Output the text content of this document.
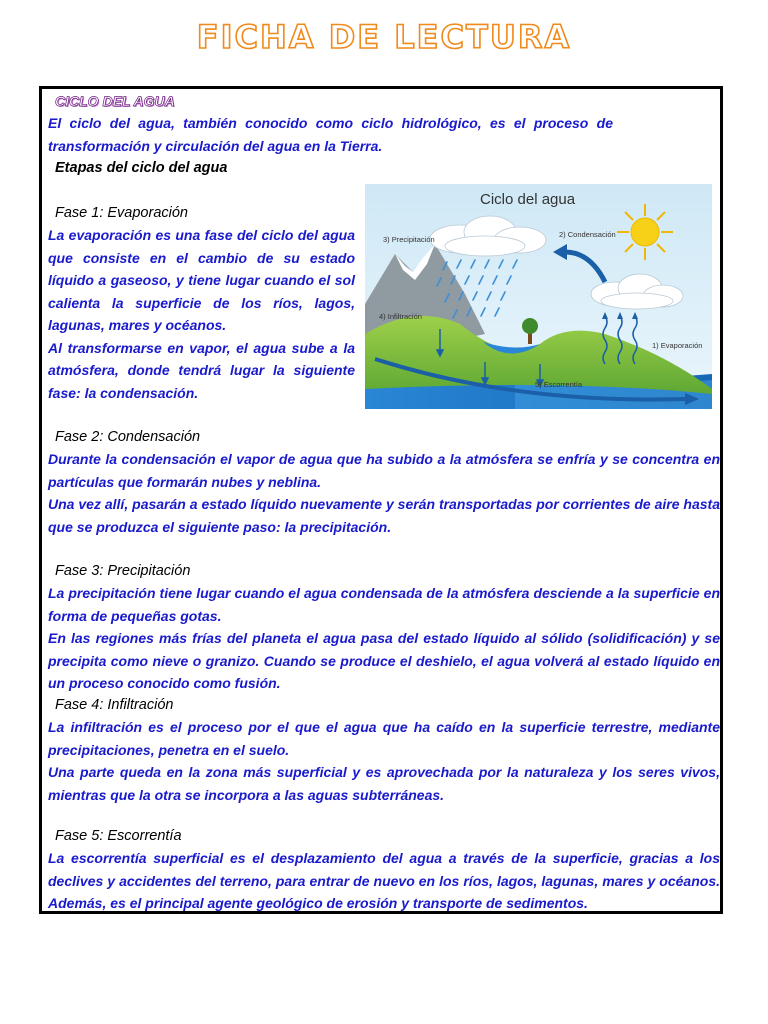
FICHA DE LECTURA
CICLO DEL AGUA

El ciclo del agua, también conocido como ciclo hidrológico, es el proceso de transformación y circulación del agua en la Tierra.

Etapas del ciclo del agua
Fase 1: Evaporación
La evaporación es una fase del ciclo del agua que consiste en el cambio de su estado líquido a gaseoso, y tiene lugar cuando el sol calienta la superficie de los ríos, lagos, lagunas, mares y océanos.
Al transformarse en vapor, el agua sube a la atmósfera, donde tendrá lugar la siguiente fase: la condensación.
Ciclo del agua
3) Precipitación
2) Condensación
4) Infiltración
1) Evaporación
5) Escorrentía
Fase 2: Condensación
Durante la condensación el vapor de agua que ha subido a la atmósfera se enfría y se concentra en partículas que formarán nubes y neblina.
Una vez allí, pasarán a estado líquido nuevamente y serán transportadas por corrientes de aire hasta que se produzca el siguiente paso: la precipitación.
Fase 3: Precipitación
La precipitación tiene lugar cuando el agua condensada de la atmósfera desciende a la superficie en forma de pequeñas gotas.
En las regiones más frías del planeta el agua pasa del estado líquido al sólido (solidificación) y se precipita como nieve o granizo. Cuando se produce el deshielo, el agua volverá al estado líquido en un proceso conocido como fusión.
Fase 4: Infiltración
La infiltración es el proceso por el que el agua que ha caído en la superficie terrestre, mediante precipitaciones, penetra en el suelo.
Una parte queda en la zona más superficial y es aprovechada por la naturaleza y los seres vivos, mientras que la otra se incorpora a las aguas subterráneas.
Fase 5: Escorrentía
La escorrentía superficial es el desplazamiento del agua a través de la superficie, gracias a los declives y accidentes del terreno, para entrar de nuevo en los ríos, lagos, lagunas, mares y océanos. Además, es el principal agente geológico de erosión y transporte de sedimentos.
